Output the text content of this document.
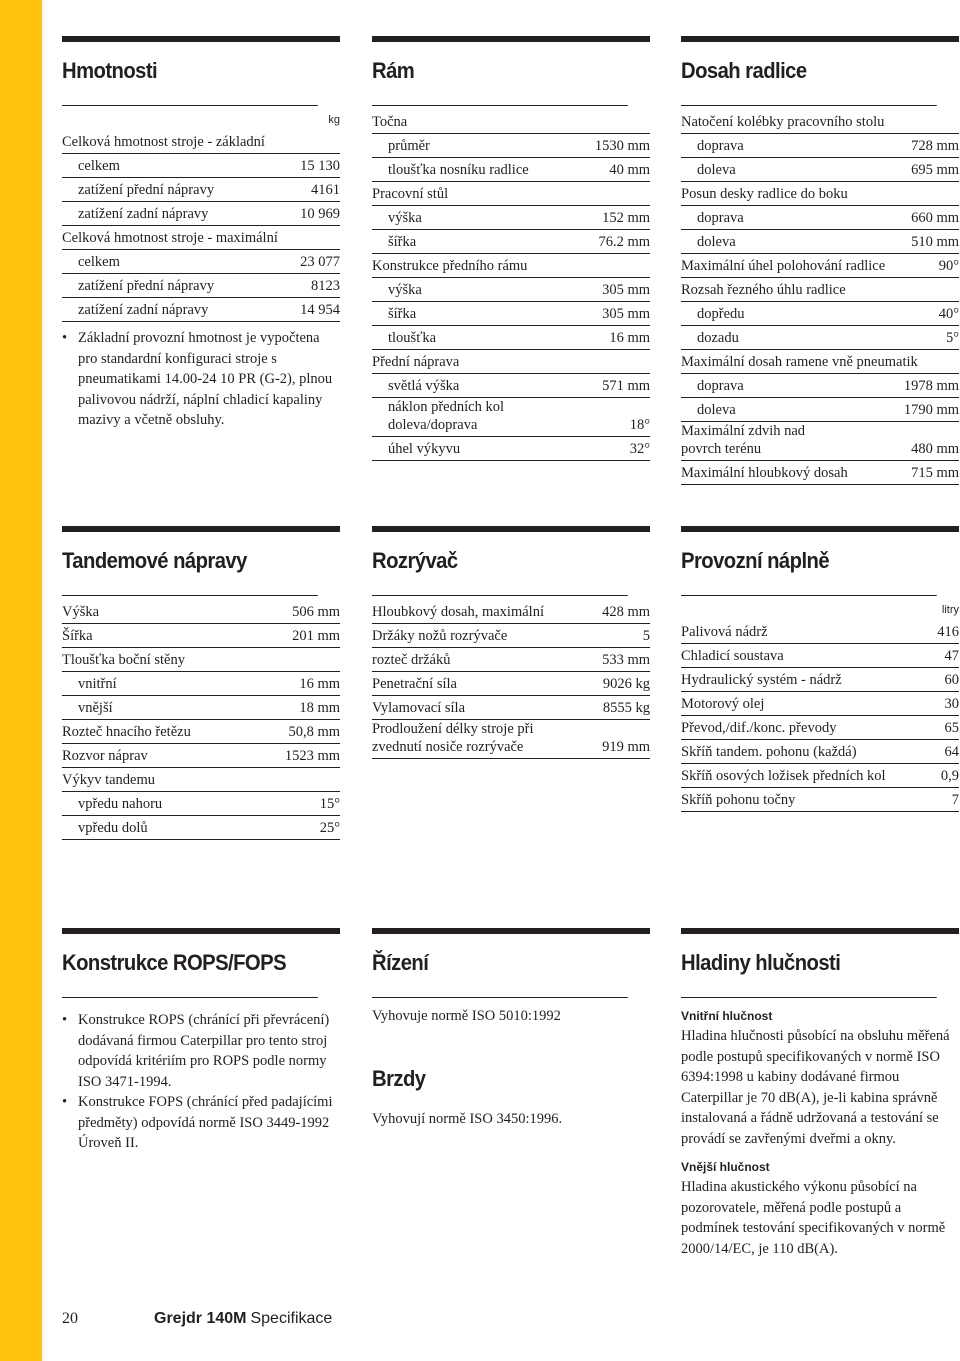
Hmotnosti
kg
Celková hmotnost stroje - základní
celkem	15 130
zatížení přední nápravy	4161
zatížení zadní nápravy	10 969
Celková hmotnost stroje - maximální
celkem	23 077
zatížení přední nápravy	8123
zatížení zadní nápravy	14 954
• Základní provozní hmotnost je vypočtena pro standardní konfiguraci stroje s pneumatikami 14.00-24 10 PR (G-2), plnou palivovou nádrží, náplní chladicí kapaliny mazivy a včetně obsluhy.
Rám
Točna
průměr	1530 mm
tloušťka nosníku radlice	40 mm
Pracovní stůl
výška	152 mm
šířka	76.2 mm
Konstrukce předního rámu
výška	305 mm
šířka	305 mm
tloušťka	16 mm
Přední náprava
světlá výška	571 mm
náklon předních kol
doleva/doprava	18°
úhel výkyvu	32°
Dosah radlice
Natočení kolébky pracovního stolu
doprava	728 mm
doleva	695 mm
Posun desky radlice do boku
doprava	660 mm
doleva	510 mm
Maximální úhel polohování radlice	90°
Rozsah řezného úhlu radlice
dopředu	40°
dozadu	5°
Maximální dosah ramene vně pneumatik
doprava	1978 mm
doleva	1790 mm
Maximální zdvih nad
povrch terénu	480 mm
Maximální hloubkový dosah	715 mm
Tandemové nápravy
Výška	506 mm
Šířka	201 mm
Tloušťka boční stěny
vnitřní	16 mm
vnější	18 mm
Rozteč hnacího řetězu	50,8 mm
Rozvor náprav	1523 mm
Výkyv tandemu
vpředu nahoru	15°
vpředu dolů	25°
Rozrývač
Hloubkový dosah, maximální	428 mm
Držáky nožů rozrývače	5
rozteč držáků	533 mm
Penetrační síla	9026 kg
Vylamovací síla	8555 kg
Prodloužení délky stroje při
zvednutí nosiče rozrývače	919 mm
Provozní náplně
litry
Palivová nádrž	416
Chladicí soustava	47
Hydraulický systém - nádrž	60
Motorový olej	30
Převod,/dif./konc. převody	65
Skříň tandem. pohonu (každá)	64
Skříň osových ložisek předních kol	0,9
Skříň pohonu točny	7
Konstrukce ROPS/FOPS
• Konstrukce ROPS (chránící při převrácení) dodávaná firmou Caterpillar pro tento stroj odpovídá kritériím pro ROPS podle normy ISO 3471-1994.
• Konstrukce FOPS (chránící před padajícími předměty) odpovídá normě ISO 3449-1992 Úroveň II.
Řízení
Vyhovuje normě ISO 5010:1992
Brzdy
Vyhovují normě ISO 3450:1996.
Hladiny hlučnosti
Vnitřní hlučnost
Hladina hlučnosti působící na obsluhu měřená podle postupů specifikovaných v normě ISO 6394:1998 u kabiny dodávané firmou Caterpillar je 70 dB(A), je-li kabina správně instalovaná a řádně udržovaná a testování se provádí se zavřenými dveřmi a okny.
Vnější hlučnost
Hladina akustického výkonu působící na pozorovatele, měřená podle postupů a podmínek testování specifikovaných v normě 2000/14/EC, je 110 dB(A).
20	Grejdr 140M Specifikace
